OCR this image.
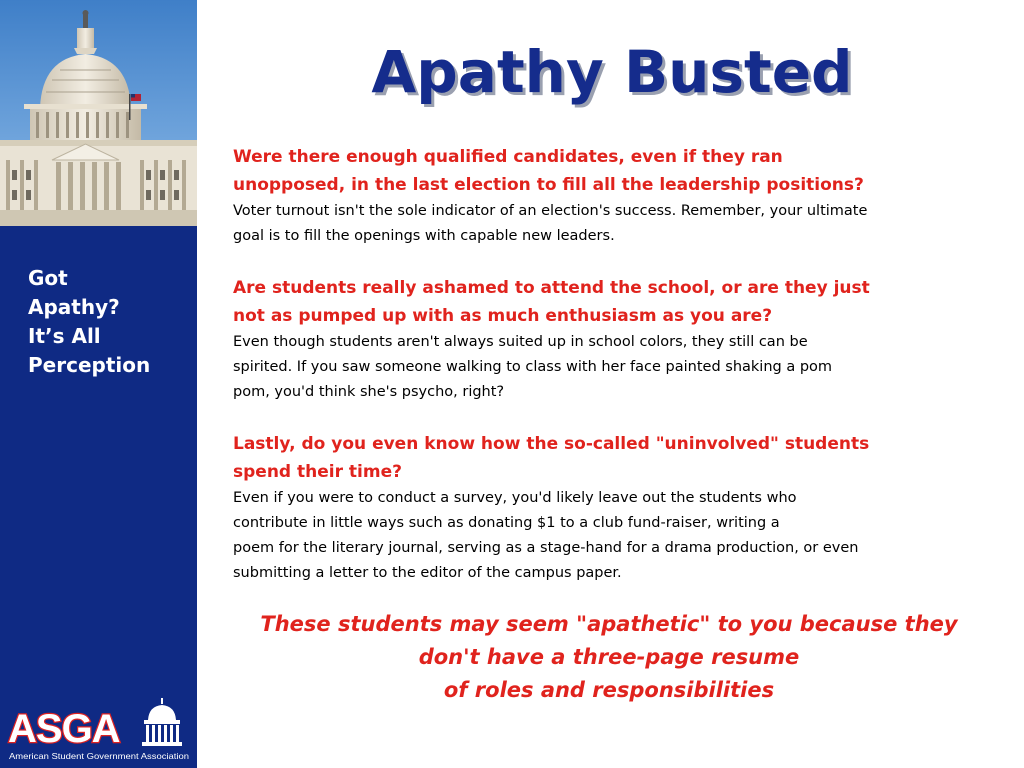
Got
Apathy?
It’s All
Perception
ASGA
American Student Government Association
Apathy Busted
Were there enough qualified candidates, even if they ran
unopposed, in the last election to fill all the leadership positions?
Voter turnout isn't the sole indicator of an election's success. Remember, your ultimate
goal is to fill the openings with capable new leaders.
Are students really ashamed to attend the school, or are they just
not as pumped up with as much enthusiasm as you are?
Even though students aren't always suited up in school colors, they still can be
spirited. If you saw someone walking to class with her face painted shaking a pom
pom, you'd think she's psycho, right?
Lastly, do you even know how the so-called "uninvolved" students
spend their time?
Even if you were to conduct a survey, you'd likely leave out the students who
contribute in little ways such as donating $1 to a club fund-raiser, writing a
poem for the literary journal, serving as a stage-hand for a drama production, or even
submitting a letter to the editor of the campus paper.
These students may seem "apathetic" to you because they
don't have a three-page resume
of roles and responsibilities
